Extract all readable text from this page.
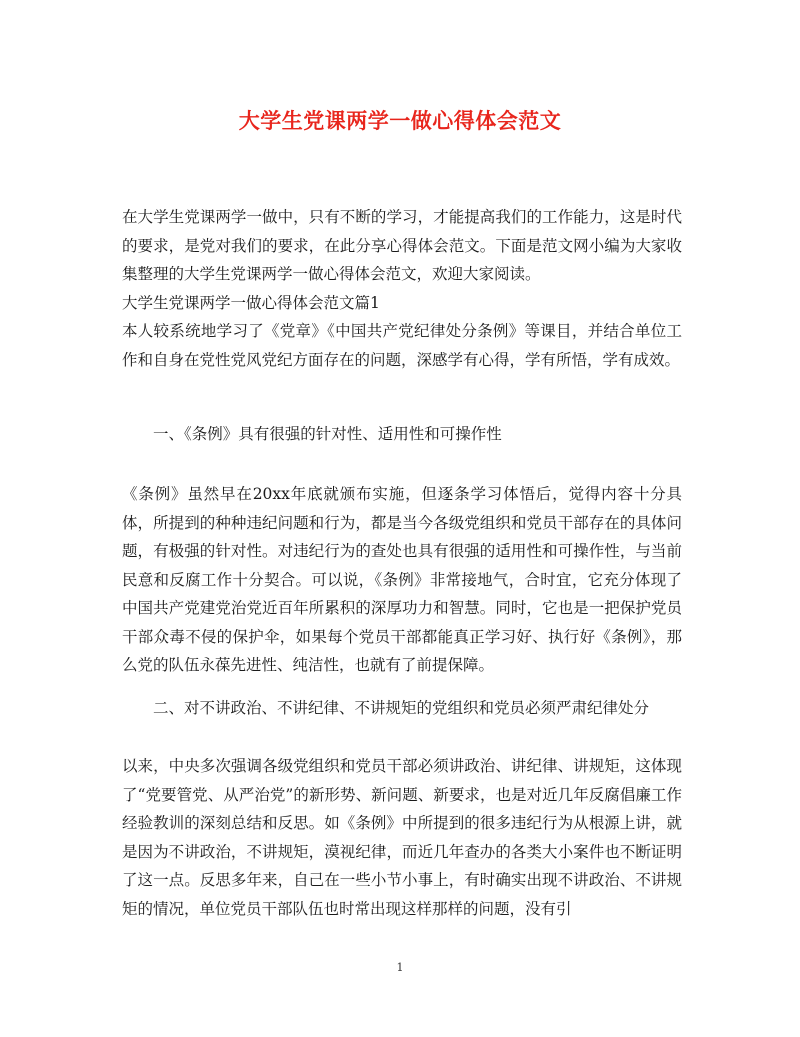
大学生党课两学一做心得体会范文

在大学生党课两学一做中，只有不断的学习，才能提高我们的工作能力，这是时代的要求，是党对我们的要求，在此分享心得体会范文。下面是范文网小编为大家收集整理的大学生党课两学一做心得体会范文，欢迎大家阅读。

大学生党课两学一做心得体会范文篇1

本人较系统地学习了《党章》《中国共产党纪律处分条例》等课目，并结合单位工作和自身在党性党风党纪方面存在的问题，深感学有心得，学有所悟，学有成效。

一、《条例》具有很强的针对性、适用性和可操作性

《条例》虽然早在20xx年底就颁布实施，但逐条学习体悟后，觉得内容十分具体，所提到的种种违纪问题和行为，都是当今各级党组织和党员干部存在的具体问题，有极强的针对性。对违纪行为的查处也具有很强的适用性和可操作性，与当前民意和反腐工作十分契合。可以说，《条例》非常接地气，合时宜，它充分体现了中国共产党建党治党近百年所累积的深厚功力和智慧。同时，它也是一把保护党员干部众毒不侵的保护伞，如果每个党员干部都能真正学习好、执行好《条例》，那么党的队伍永葆先进性、纯洁性，也就有了前提保障。

二、对不讲政治、不讲纪律、不讲规矩的党组织和党员必须严肃纪律处分

以来，中央多次强调各级党组织和党员干部必须讲政治、讲纪律、讲规矩，这体现了“党要管党、从严治党”的新形势、新问题、新要求，也是对近几年反腐倡廉工作经验教训的深刻总结和反思。如《条例》中所提到的很多违纪行为从根源上讲，就是因为不讲政治，不讲规矩，漠视纪律，而近几年查办的各类大小案件也不断证明了这一点。反思多年来，自己在一些小节小事上，有时确实出现不讲政治、不讲规矩的情况，单位党员干部队伍也时常出现这样那样的问题，没有引

1
